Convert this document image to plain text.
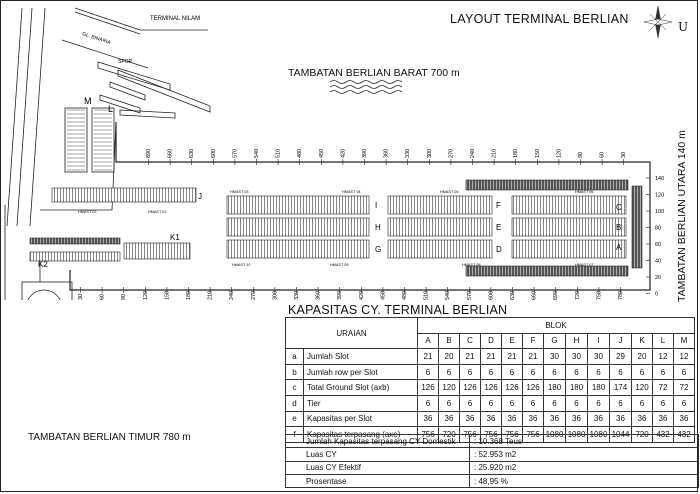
TERMINAL NILAM
GL. BINARIA
SPOP
M
L
J
K1
K2
I
H
G
F
E
D
C
B
A
HMAST 02	HMAST 01
HMAST 03	HMAST 04	HMAST 05	HMAST 06
HMAST 07
HMAST 08
HMAST 09
HMAST 10
690	660	630	600	570	540	510	480	450	420	390	360	330	300	270	240	210	180	150	120	90	60	30
30	60	90	120	150	180	210	240	270	300	330	360	390	420	450	480	510	540	570	600	630	660	690	720	750	780
140
120
100
80
60
40
20
0
LAYOUT TERMINAL BERLIAN
U
TAMBATAN BERLIAN BARAT 700 m
TAMBATAN BERLIAN UTARA 140 m
TAMBATAN BERLIAN TIMUR 780 m
KAPASITAS CY. TERMINAL BERLIAN
URAIAN		BLOK												
		A	B	C	D	E	F	G	H	I	J	K	L	M
a	Jumlah Slot	21	20	21	21	21	21	30	30	30	29	20	12	12
b	Jumlah row per Slot	6	6	6	6	6	6	6	6	6	6	6	6	6
c	Total Ground Slot (axb)	126	120	126	126	126	126	180	180	180	174	120	72	72
d	Tier	6	6	6	6	6	6	6	6	6	6	6	6	6
e	Kapasitas per Slot	36	36	36	36	36	36	36	36	36	36	36	36	36
f	Kapasitas terpasang (axe)	756	720	756	756	756	756	1080	1080	1080	1044	720	432	432
Jumlah Kapasitas terpasang CY Domestik	: 10.368 Teus
Luas CY	: 52.953 m2
Luas CY Efektif	: 25.920 m2
Prosentase	: 48,95 %
